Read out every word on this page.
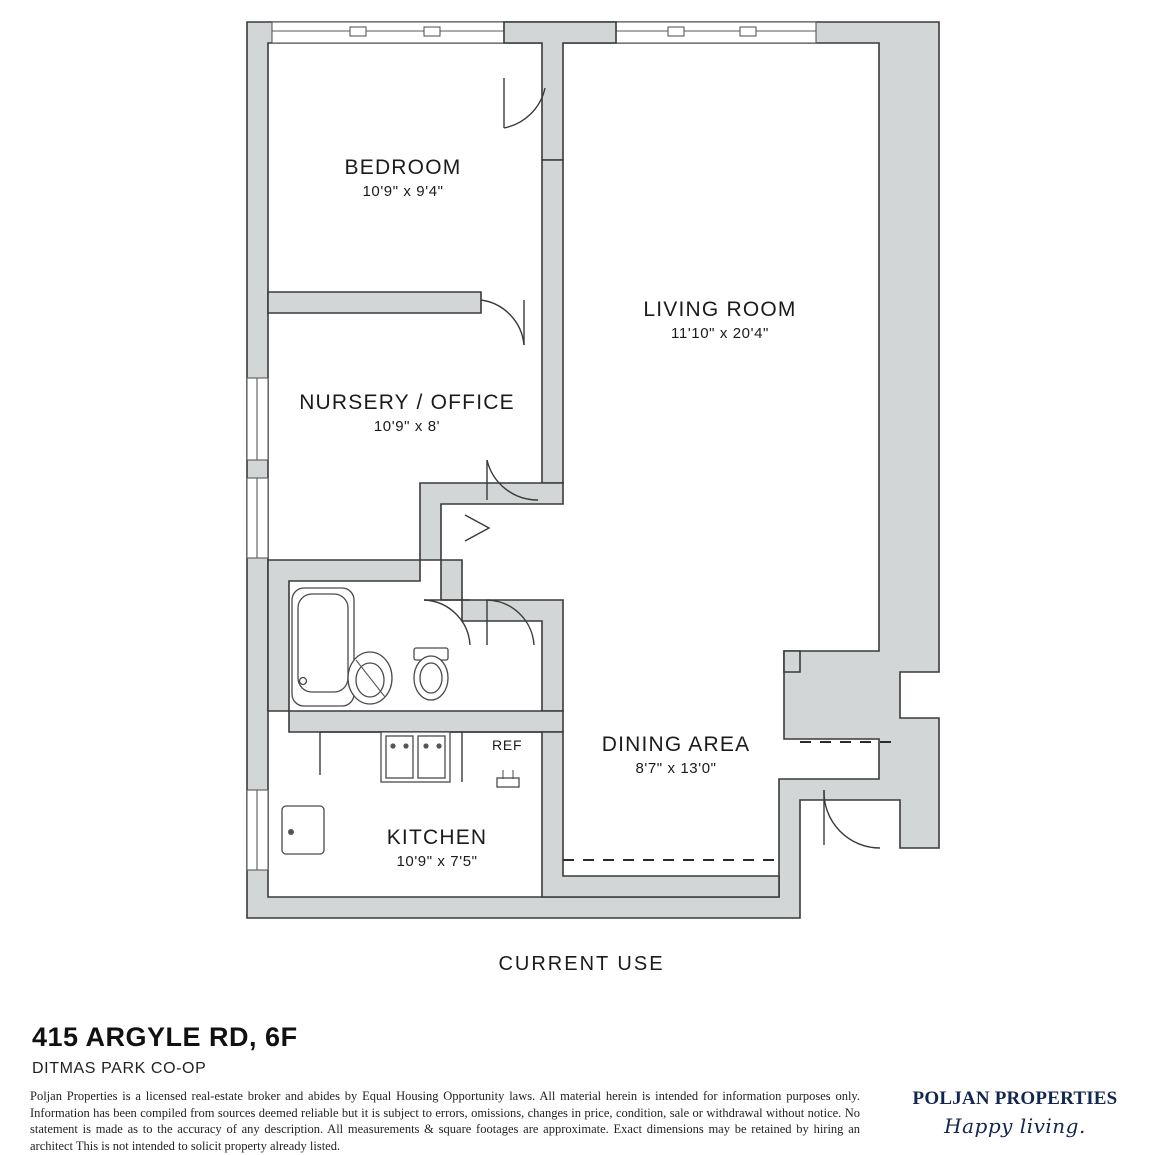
BEDROOM
10'9" x 9'4"
LIVING ROOM
11'10" x 20'4"
NURSERY / OFFICE
10'9" x 8'
DINING AREA
8'7" x 13'0"
KITCHEN
10'9" x 7'5"
REF
CURRENT USE
415 ARGYLE RD, 6F
DITMAS PARK CO-OP
Poljan Properties is a licensed real-estate broker and abides by Equal Housing Opportunity laws. All material herein is intended for information purposes only. Information has been compiled from sources deemed reliable but it is subject to errors, omissions, changes in price, condition, sale or withdrawal without notice. No statement is made as to the accuracy of any description. All measurements & square footages are approximate. Exact dimensions may be retained by hiring an architect This is not intended to solicit property already listed.
POLJAN PROPERTIES
Happy living.
